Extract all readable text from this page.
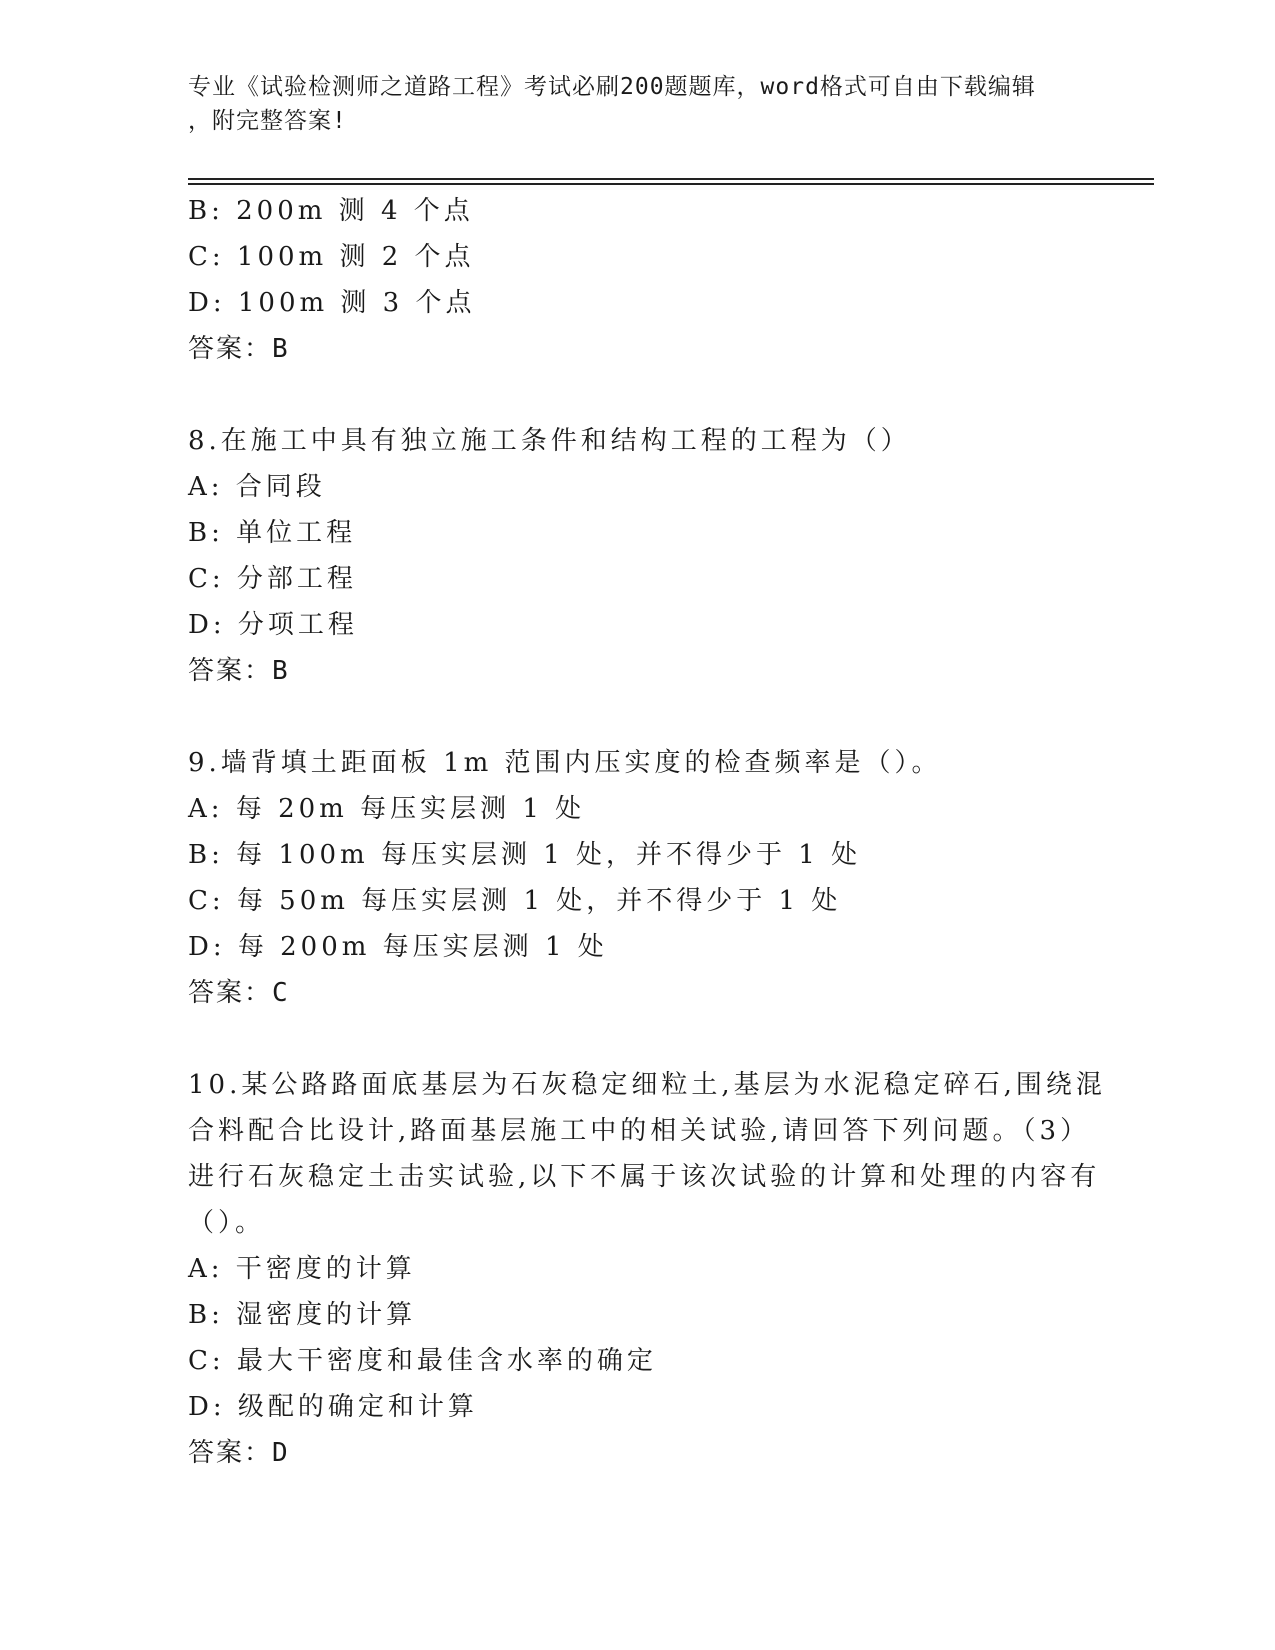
专业《试验检测师之道路工程》考试必刷200题题库，word格式可自由下载编辑
，附完整答案!
B: 200m 测 4 个点
C: 100m 测 2 个点
D: 100m 测 3 个点
答案：B
8.在施工中具有独立施工条件和结构工程的工程为（）
A: 合同段
B: 单位工程
C: 分部工程
D: 分项工程
答案：B
9.墙背填土距面板 1m 范围内压实度的检查频率是（）。
A: 每 20m 每压实层测 1 处
B: 每 100m 每压实层测 1 处，并不得少于 1 处
C: 每 50m 每压实层测 1 处，并不得少于 1 处
D: 每 200m 每压实层测 1 处
答案：C
10.某公路路面底基层为石灰稳定细粒土,基层为水泥稳定碎石,围绕混
合料配合比设计,路面基层施工中的相关试验,请回答下列问题。（3）
进行石灰稳定土击实试验,以下不属于该次试验的计算和处理的内容有
（）。
A: 干密度的计算
B: 湿密度的计算
C: 最大干密度和最佳含水率的确定
D: 级配的确定和计算
答案：D
